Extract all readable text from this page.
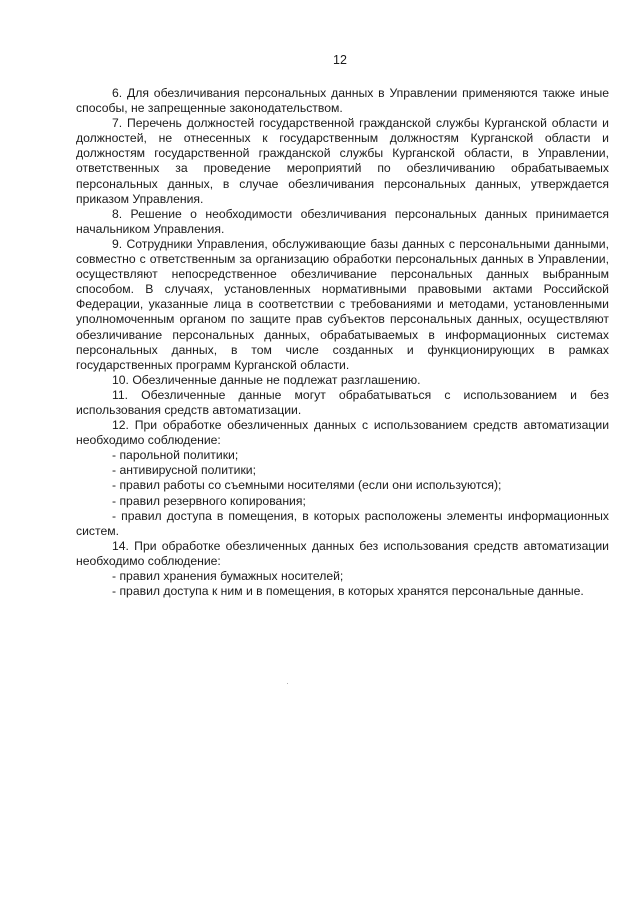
12

6. Для обезличивания персональных данных в Управлении применяются также иные способы, не запрещенные законодательством.

7. Перечень должностей государственной гражданской службы Курганской области и должностей, не отнесенных к государственным должностям Курганской области и должностям государственной гражданской службы Курганской области, в Управлении, ответственных за проведение мероприятий по обезличиванию обрабатываемых персональных данных, в случае обезличивания персональных данных, утверждается приказом Управления.

8. Решение о необходимости обезличивания персональных данных принимается начальником Управления.

9. Сотрудники Управления, обслуживающие базы данных с персональными данными, совместно с ответственным за организацию обработки персональных данных в Управлении, осуществляют непосредственное обезличивание персональных данных выбранным способом. В случаях, установленных нормативными правовыми актами Российской Федерации, указанные лица в соответствии с требованиями и методами, установленными уполномоченным органом по защите прав субъектов персональных данных, осуществляют обезличивание персональных данных, обрабатываемых в информационных системах персональных данных, в том числе созданных и функционирующих в рамках государственных программ Курганской области.

10. Обезличенные данные не подлежат разглашению.

11. Обезличенные данные могут обрабатываться с использованием и без использования средств автоматизации.

12. При обработке обезличенных данных с использованием средств автоматизации необходимо соблюдение:

- парольной политики;

- антивирусной политики;

- правил работы со съемными носителями (если они используются);

- правил резервного копирования;

- правил доступа в помещения, в которых расположены элементы информационных систем.

14. При обработке обезличенных данных без использования средств автоматизации необходимо соблюдение:

- правил хранения бумажных носителей;

- правил доступа к ним и в помещения, в которых хранятся персональные данные.
